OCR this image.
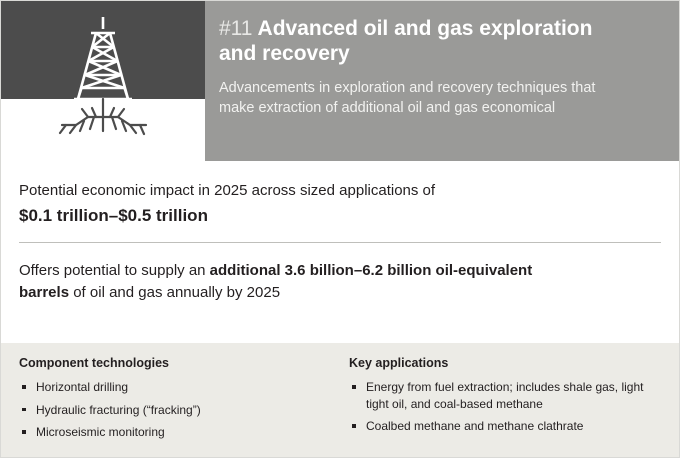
#11 Advanced oil and gas exploration
and recovery
Advancements in exploration and recovery techniques that make extraction of additional oil and gas economical
Potential economic impact in 2025 across sized applications of
$0.1 trillion–$0.5 trillion
Offers potential to supply an additional 3.6 billion–6.2 billion oil-equivalent barrels of oil and gas annually by 2025
Component technologies
Horizontal drilling
Hydraulic fracturing (“fracking”)
Microseismic monitoring
Key applications
Energy from fuel extraction; includes shale gas, light tight oil, and coal-based methane
Coalbed methane and methane clathrate
